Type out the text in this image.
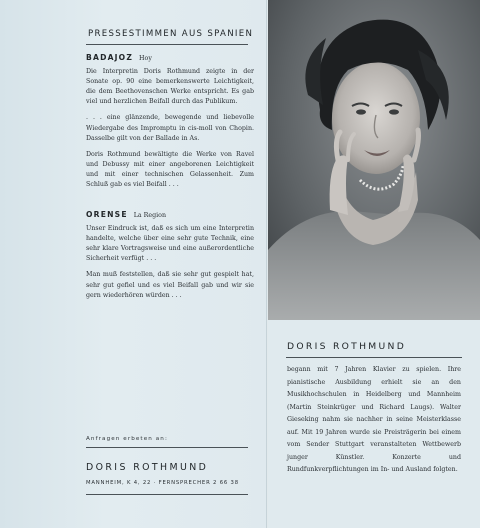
PRESSESTIMMEN AUS SPANIEN
BADAJOZ Hoy

Die Interpretin Doris Rothmund zeigte in der Sonate op. 90 eine bemerkenswerte Leichtigkeit, die dem Beethovenschen Werke entspricht. Es gab viel und herzlichen Beifall durch das Publikum.

. . . eine glänzende, bewegende und liebevolle Wiedergabe des Impromptu in cis-moll von Chopin. Dasselbe gilt von der Ballade in As.

Doris Rothmund bewältigte die Werke von Ravel und Debussy mit einer angeborenen Leichtigkeit und mit einer technischen Gelassenheit. Zum Schluß gab es viel Beifall . . .

ORENSE La Region

Unser Eindruck ist, daß es sich um eine Interpretin handelte, welche über eine sehr gute Technik, eine sehr klare Vortragsweise und eine außerordentliche Sicherheit verfügt . . .

Man muß feststellen, daß sie sehr gut gespielt hat, sehr gut gefiel und es viel Beifall gab und wir sie gern wiederhören würden . . .

Anfragen erbeten an:
DORIS ROTHMUND
MANNHEIM, K 4, 22 · FERNSPRECHER 2 66 38
DORIS ROTHMUND
begann mit 7 Jahren Klavier zu spielen. Ihre pianistische Ausbildung erhielt sie an den Musikhochschulen in Heidelberg und Mannheim (Martin Steinkrüger und Richard Laugs). Walter Gieseking nahm sie nachher in seine Meisterklasse auf. Mit 19 Jahren wurde sie Preisträgerin bei einem vom Sender Stuttgart veranstalteten Wettbewerb junger Künstler. Konzerte und Rundfunkverpflichtungen im In- und Ausland folgten.
